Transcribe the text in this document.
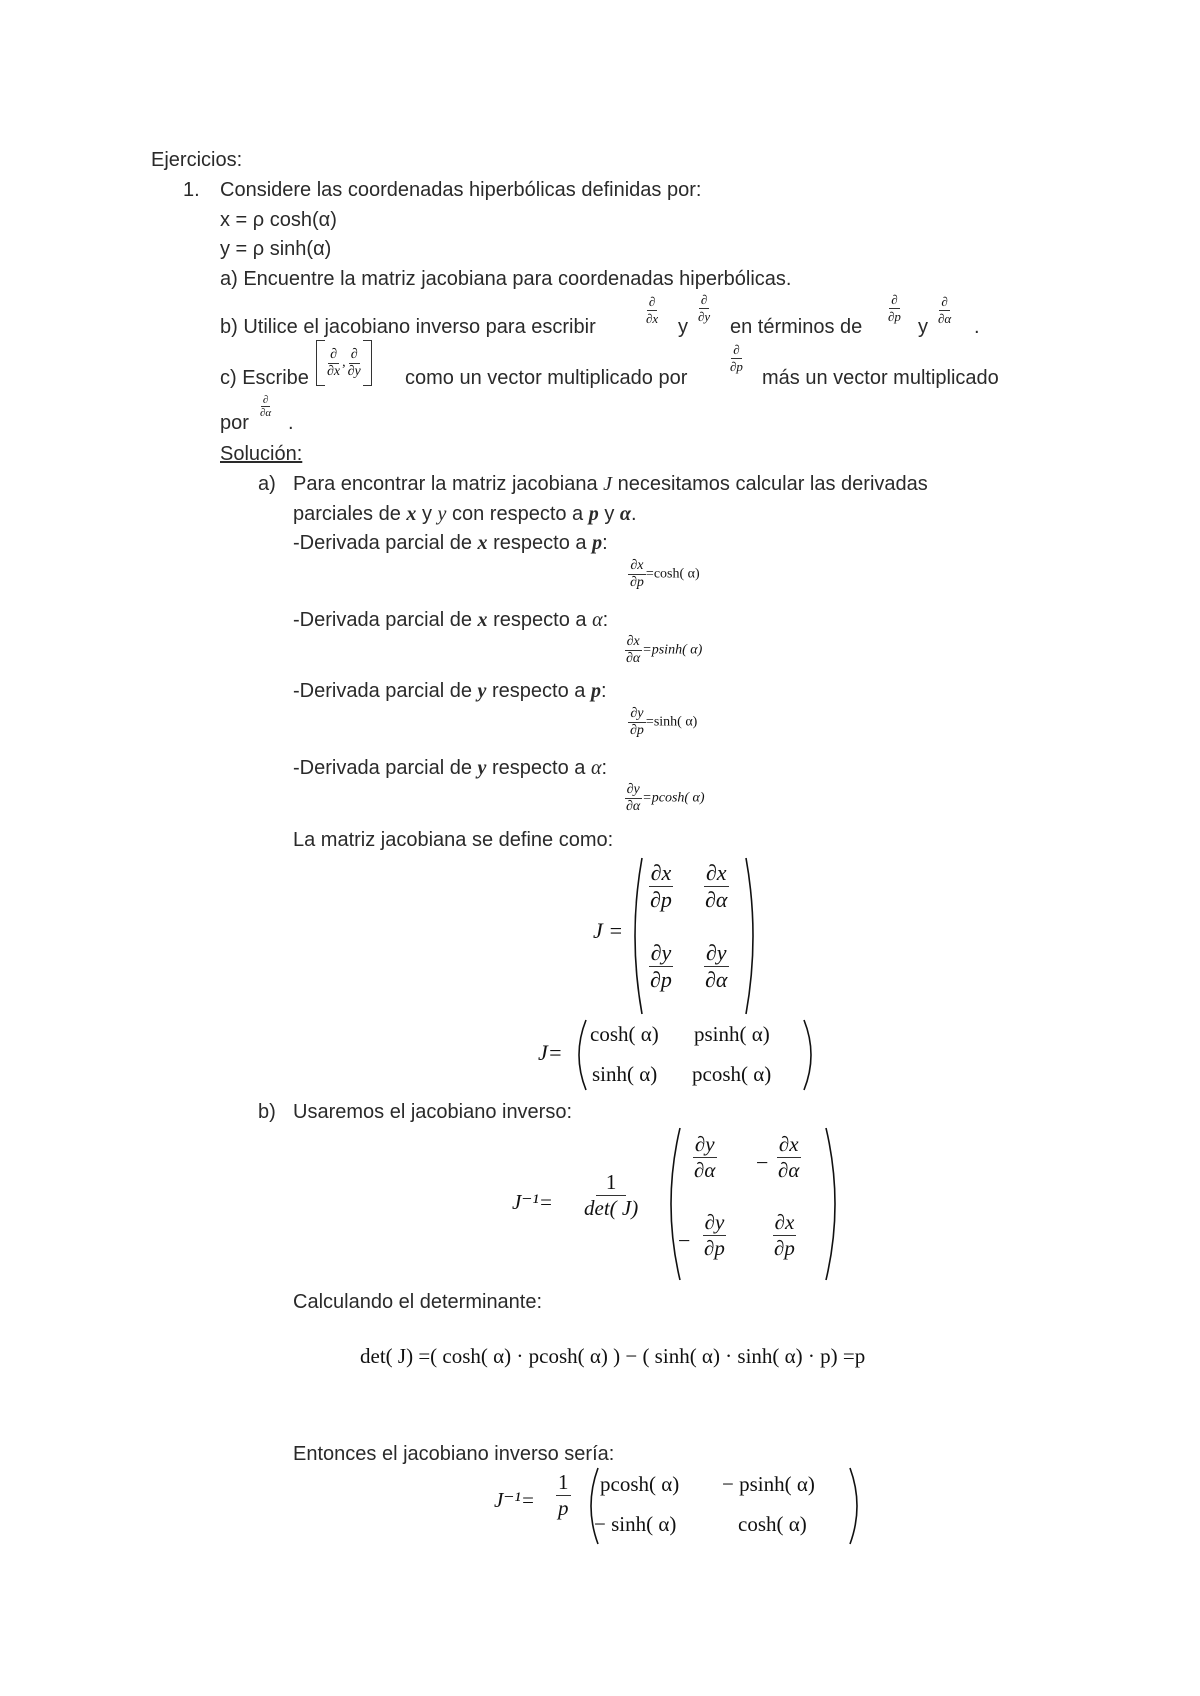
Ejercicios:
1. Considere las coordenadas hiperbólicas definidas por:
x = ρ cosh(α)
y = ρ sinh(α)
a) Encuentre la matriz jacobiana para coordenadas hiperbólicas.
b) Utilice el jacobiano inverso para escribir	$\frac{\partial}{\partial x}$ y
$\frac{\partial}{\partial y}$
en términos de
$\frac{\partial}{\partial p}$
y $\frac{\partial}{\partial\alpha}$ .
c) Escribe $\frac{\partial}{\partial x}$ , $\frac{\partial}{\partial y}$ como un vector multiplicado por
$\frac{\partial}{\partial p}$
más un vector multiplicado
por
$\frac{\partial}{\partial\alpha}$
.
Solución:
a) Para encontrar la matriz jacobiana J necesitamos calcular las derivadas
parciales de x y y con respecto a p y α.
-Derivada parcial de x respecto a p:
$\frac{\partial x}{\partial p} =\cosh$( α)
-Derivada parcial de x respecto a α:
$\frac{\partial x}{\partial\alpha} =psinh$( α)
-Derivada parcial de y respecto a p:
$\frac{\partial y}{\partial p} =\sinh$( α)
-Derivada parcial de y respecto a α:
$\frac{\partial y}{\partial\alpha} =pcosh$( α)
La matriz jacobiana se define como:
J =
$\frac{\partial x}{\partial p} \frac{\partial x}{\partial\alpha}$
$\frac{\partial y}{\partial p} \frac{\partial y}{\partial\alpha}$
J=
cosh( α) psinh( α)
sinh( α) pcosh( α)
b) Usaremos el jacobiano inverso:
$J^{-1}= \frac{1}{\det( J)}$
$\frac{\partial y}{\partial\alpha} - \frac{\partial x}{\partial\alpha}$
− $\frac{\partial y}{\partial p} \frac{\partial x}{\partial p}$
Calculando el determinante:
det( J) =( cosh( α) · pcosh( α) ) − ( sinh( α) · sinh( α) · p) =p
Entonces el jacobiano inverso sería:
$J^{-1}= \frac{1}{p} pcosh$( α) − psinh( α)
− sinh( α)	cosh( α)
